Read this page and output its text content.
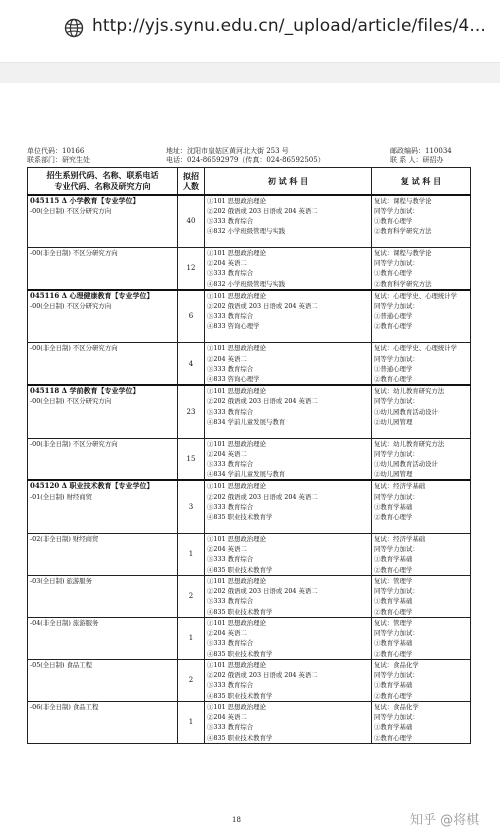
http://yjs.synu.edu.cn/_upload/article/files/4...
单位代码：10166
联系部门：研究生处
地址：沈阳市皇姑区黄河北大街 253 号
电话：024-86592979（传真：024-86592505）
邮政编码：110034
联 系 人：研招办
招生系别代码、名称、联系电话
专业代码、名称及研究方向	拟招
人数	初 试 科 目	复 试 科 目

045115 Δ 小学教育【专业学位】
-00(全日制) 不区分研究方向	40	①101 思想政治理论
②202 俄语或 203 日语或 204 英语二
③333 教育综合
④832 小学班级管理与实践	复试：课程与教学论
同等学力加试：
①教育心理学
②教育科学研究方法

-00(非全日制) 不区分研究方向	12	①101 思想政治理论
②204 英语二
③333 教育综合
④832 小学班级管理与实践	复试：课程与教学论
同等学力加试：
①教育心理学
②教育科学研究方法

045116 Δ 心理健康教育【专业学位】
-00(全日制) 不区分研究方向	6	①101 思想政治理论
②202 俄语或 203 日语或 204 英语二
③333 教育综合
④833 咨询心理学	复试：心理学史、心理统计学
同等学力加试：
①普通心理学
②教育心理学

-00(非全日制) 不区分研究方向	4	①101 思想政治理论
②204 英语二
③333 教育综合
④833 咨询心理学	复试：心理学史、心理统计学
同等学力加试：
①普通心理学
②教育心理学

045118 Δ 学前教育【专业学位】
-00(全日制) 不区分研究方向	23	①101 思想政治理论
②202 俄语或 203 日语或 204 英语二
③333 教育综合
④834 学前儿童发展与教育	复试：幼儿教育研究方法
同等学力加试：
①幼儿园教育活动设计
②幼儿园管理

-00(非全日制) 不区分研究方向	15	①101 思想政治理论
②204 英语二
③333 教育综合
④834 学前儿童发展与教育	复试：幼儿教育研究方法
同等学力加试：
①幼儿园教育活动设计
②幼儿园管理

045120 Δ 职业技术教育【专业学位】
-01(全日制) 财经商贸	3	①101 思想政治理论
②202 俄语或 203 日语或 204 英语二
③333 教育综合
④835 职业技术教育学	复试：经济学基础
同等学力加试：
①教育学基础
②教育心理学

-02(非全日制) 财经商贸	1	①101 思想政治理论
②204 英语二
③333 教育综合
④835 职业技术教育学	复试：经济学基础
同等学力加试：
①教育学基础
②教育心理学

-03(全日制) 旅游服务	2	①101 思想政治理论
②202 俄语或 203 日语或 204 英语二
③333 教育综合
④835 职业技术教育学	复试：管理学
同等学力加试：
①教育学基础
②教育心理学

-04(非全日制) 旅游服务	1	①101 思想政治理论
②204 英语二
③333 教育综合
④835 职业技术教育学	复试：管理学
同等学力加试：
①教育学基础
②教育心理学

-05(全日制) 食品工程	2	①101 思想政治理论
②202 俄语或 203 日语或 204 英语二
③333 教育综合
④835 职业技术教育学	复试：食品化学
同等学力加试：
①教育学基础
②教育心理学

-06(非全日制) 食品工程	1	①101 思想政治理论
②204 英语二
③333 教育综合
④835 职业技术教育学	复试：食品化学
同等学力加试：
①教育学基础
②教育心理学
18	知乎 @将棋
